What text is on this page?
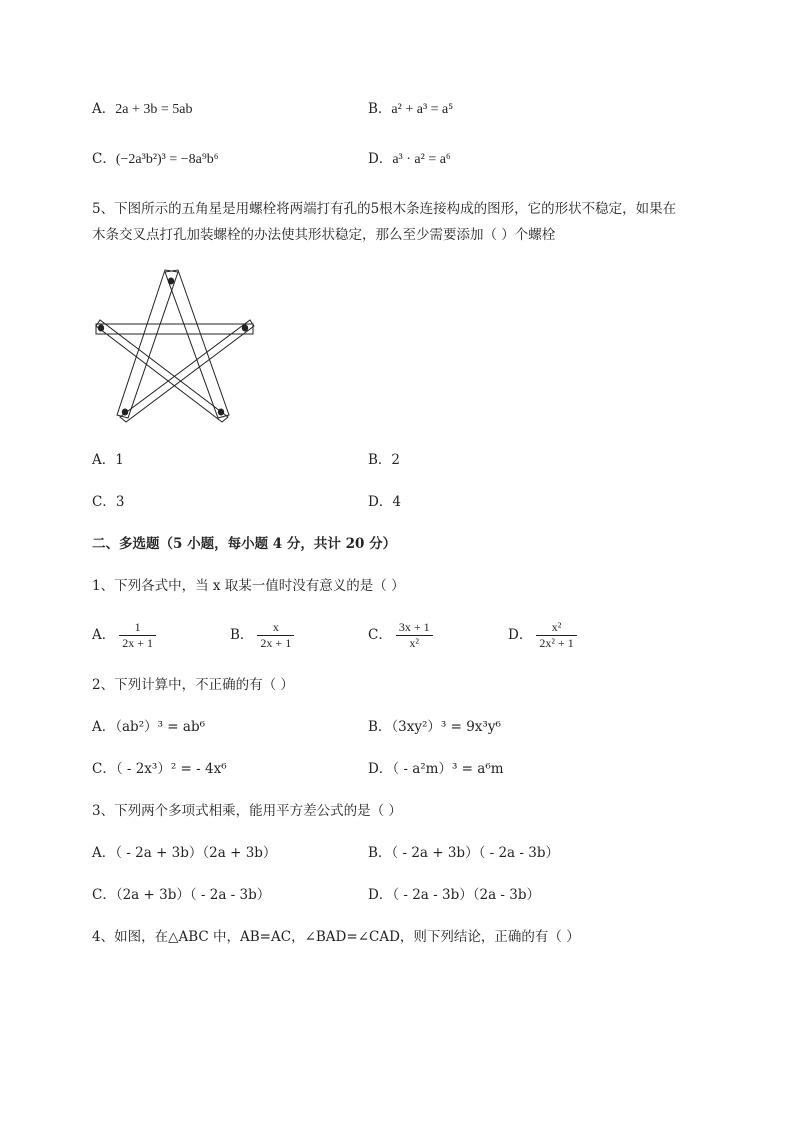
A．2a + 3b = 5ab	B．a² + a³ = a⁵
C．(−2a³b²)³ = −8a⁹b⁶	D．a³ · a² = a⁶
5、下图所示的五角星是用螺栓将两端打有孔的5根木条连接构成的图形，它的形状不稳定，如果在
木条交叉点打孔加装螺栓的办法使其形状稳定，那么至少需要添加（ ）个螺栓
A．1	B．2
C．3	D．4
二、多选题（5 小题，每小题 4 分，共计 20 分）
1、下列各式中，当 x 取某一值时没有意义的是（ ）
A． $\frac{1}{2x + 1}$	B． $\frac{x}{2x + 1}$	C． $\frac{3x + 1}{\text{x²}}$	D． $\frac{\text{x²}}{\text{2x² + 1}}$
2、下列计算中，不正确的有（ ）
A．（ab²）³ = ab⁶	B．（3xy²）³ = 9x³y⁶
C．（ - 2x³）² = - 4x⁶	D．（ - a²m）³ = a⁶m
3、下列两个多项式相乘，能用平方差公式的是（ ）
A．（ - 2a + 3b）（2a + 3b）	B．（ - 2a + 3b）（ - 2a - 3b）
C．（2a + 3b）（ - 2a - 3b）	D．（ - 2a - 3b）（2a - 3b）
4、如图，在△ABC 中，AB=AC，∠BAD=∠CAD，则下列结论，正确的有（ ）
